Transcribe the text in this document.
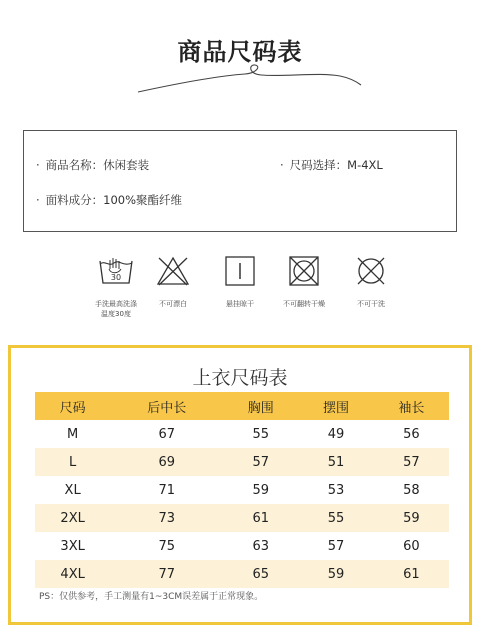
商品尺码表
· 商品名称：休闲套装	· 尺码选择：M-4XL
· 面料成分：100%聚酯纤维
30
手洗最高洗涤温度30度
不可漂白	悬挂晾干	不可翻转干燥	不可干洗
上衣尺码表
尺码	后中长	胸围	摆围	袖长
M	67	55	49	56
L	69	57	51	57
XL	71	59	53	58
2XL	73	61	55	59
3XL	75	63	57	60
4XL	77	65	59	61
PS：仅供参考，手工测量有1~3CM误差属于正常现象。
